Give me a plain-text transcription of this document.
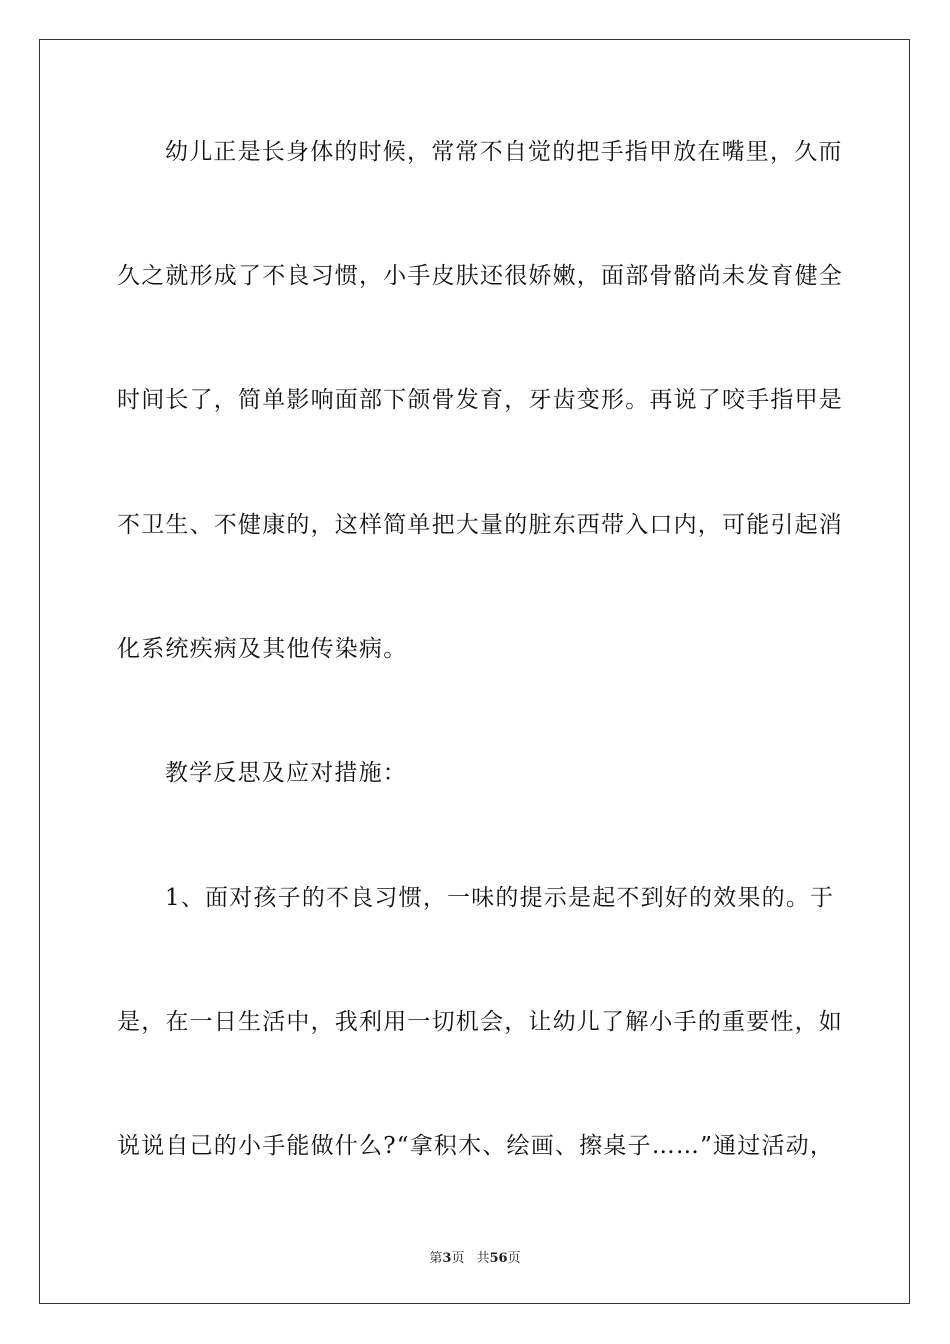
幼儿正是长身体的时候，常常不自觉的把手指甲放在嘴里，久而
久之就形成了不良习惯，小手皮肤还很娇嫩，面部骨骼尚未发育健全
时间长了，简单影响面部下颌骨发育，牙齿变形。再说了咬手指甲是
不卫生、不健康的，这样简单把大量的脏东西带入口内，可能引起消
化系统疾病及其他传染病。
教学反思及应对措施：
1、面对孩子的不良习惯，一味的提示是起不到好的效果的。于
是，在一日生活中，我利用一切机会，让幼儿了解小手的重要性，如
说说自己的小手能做什么?“拿积木、绘画、擦桌子……”通过活动，
第3页 共56页
